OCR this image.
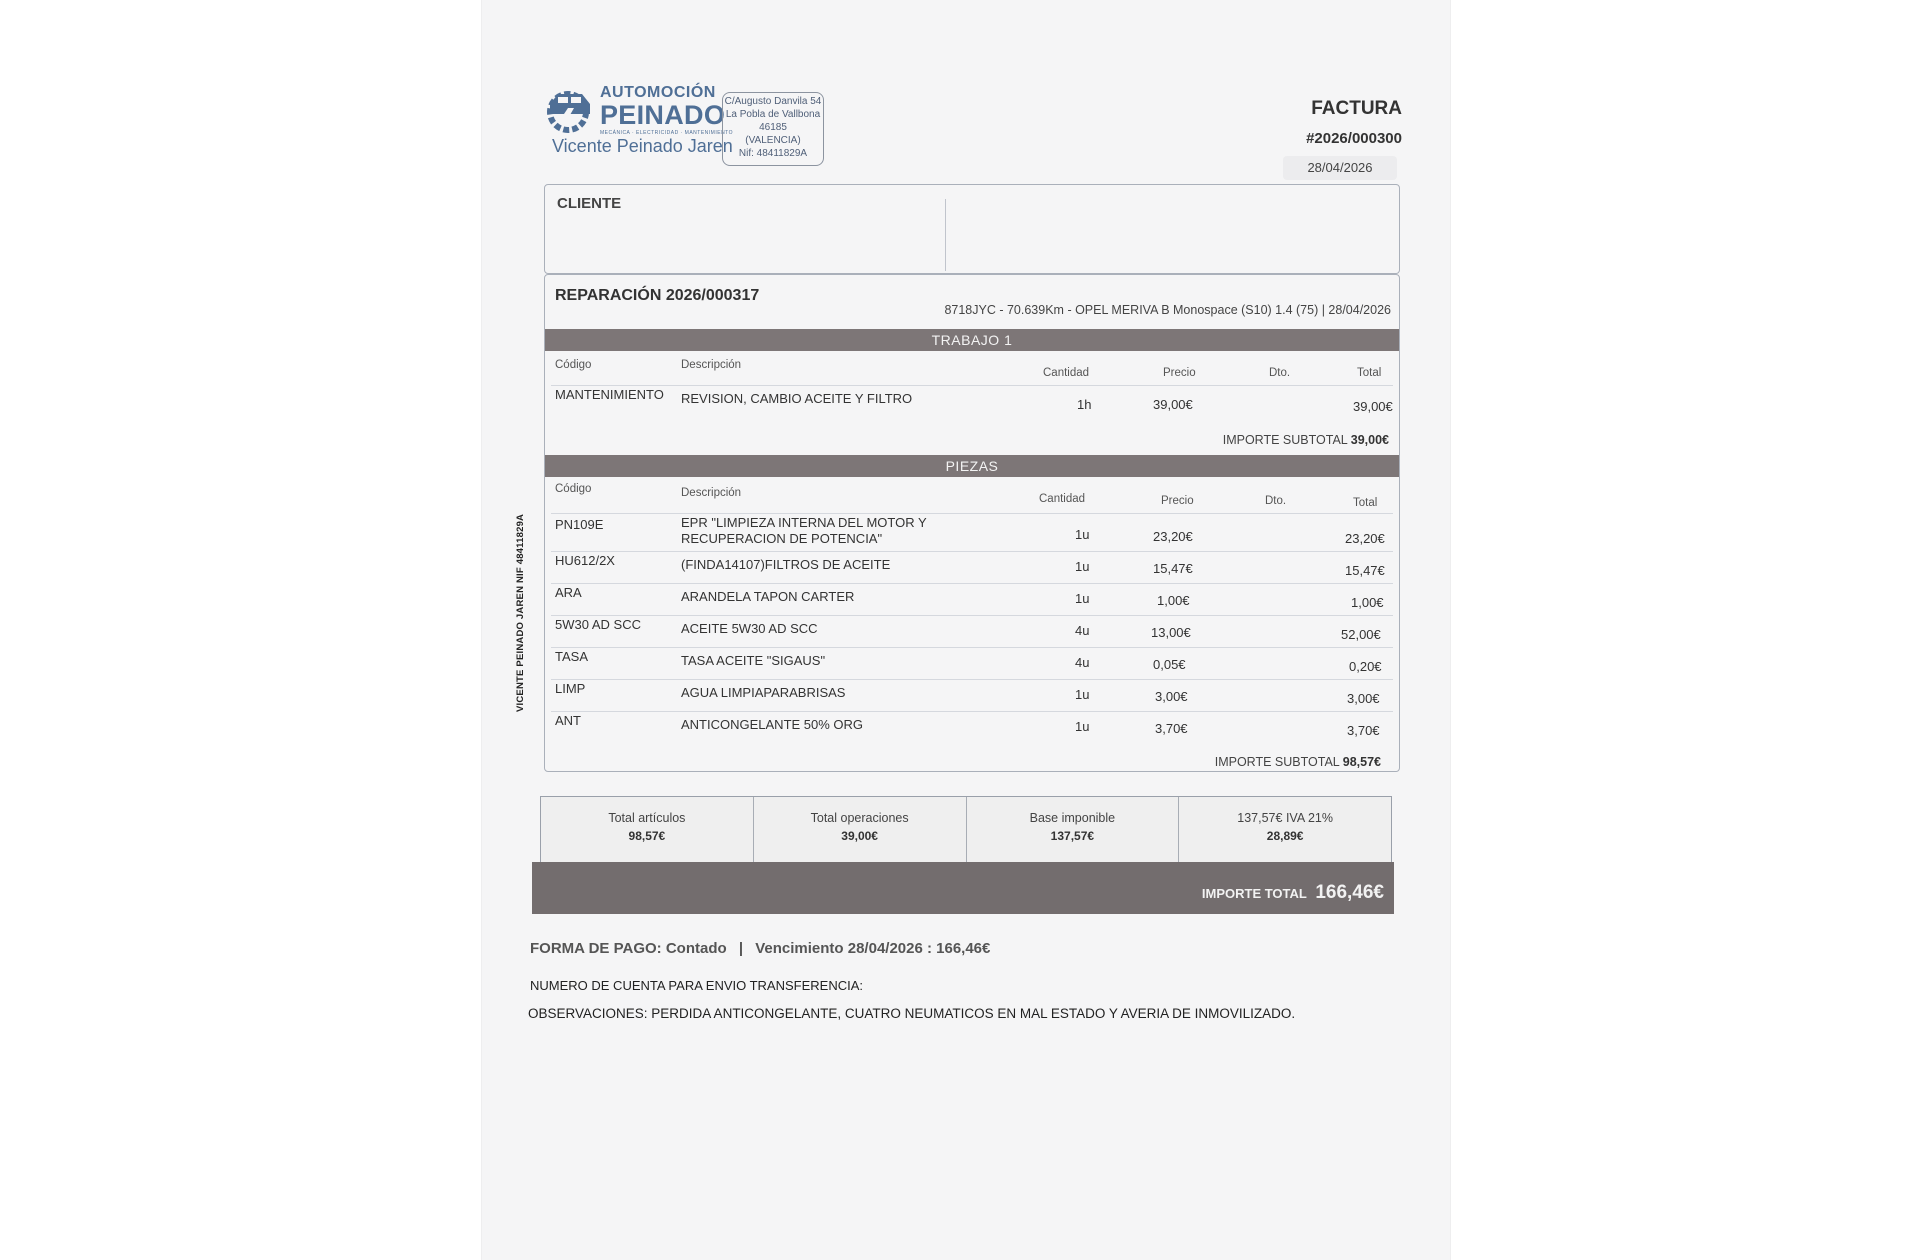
AUTOMOCIÓN
PEINADO
MECÁNICA · ELECTRICIDAD · MANTENIMIENTO
Vicente Peinado Jaren
C/Augusto Danvila 54
La Pobla de Vallbona
46185
(VALENCIA)
Nif: 48411829A
FACTURA
#2026/000300
28/04/2026
CLIENTE
REPARACIÓN 2026/000317
8718JYC - 70.639Km - OPEL MERIVA B Monospace (S10) 1.4 (75) | 28/04/2026
TRABAJO 1
Código	Descripción
Cantidad	Precio	Dto.	Total
MANTENIMIENTO REVISION, CAMBIO ACEITE Y FILTRO	1h	39,00€	39,00€
IMPORTE SUBTOTAL 39,00€
PIEZAS
Código	Descripción	Cantidad	Precio	Dto.	Total
PN109E	EPR "LIMPIEZA INTERNA DEL MOTOR Y
RECUPERACION DE POTENCIA"	1u	23,20€	23,20€
HU612/2X	(FINDA14107)FILTROS DE ACEITE	1u	15,47€	15,47€
ARA	ARANDELA TAPON CARTER	1u	1,00€	1,00€
5W30 AD SCC	ACEITE 5W30 AD SCC	4u	13,00€	52,00€
TASA	TASA ACEITE "SIGAUS"	4u	0,05€	0,20€
LIMP	AGUA LIMPIAPARABRISAS	1u	3,00€	3,00€
ANT	ANTICONGELANTE 50% ORG	1u	3,70€	3,70€
IMPORTE SUBTOTAL 98,57€
VICENTE PEINADO JAREN NIF 48411829A
Total artículos
98,57€
Total operaciones
39,00€
Base imponible
137,57€
137,57€ IVA 21%
28,89€
IMPORTE TOTAL 166,46€
FORMA DE PAGO: Contado | Vencimiento 28/04/2026 : 166,46€
NUMERO DE CUENTA PARA ENVIO TRANSFERENCIA:
OBSERVACIONES: PERDIDA ANTICONGELANTE, CUATRO NEUMATICOS EN MAL ESTADO Y AVERIA DE INMOVILIZADO.
